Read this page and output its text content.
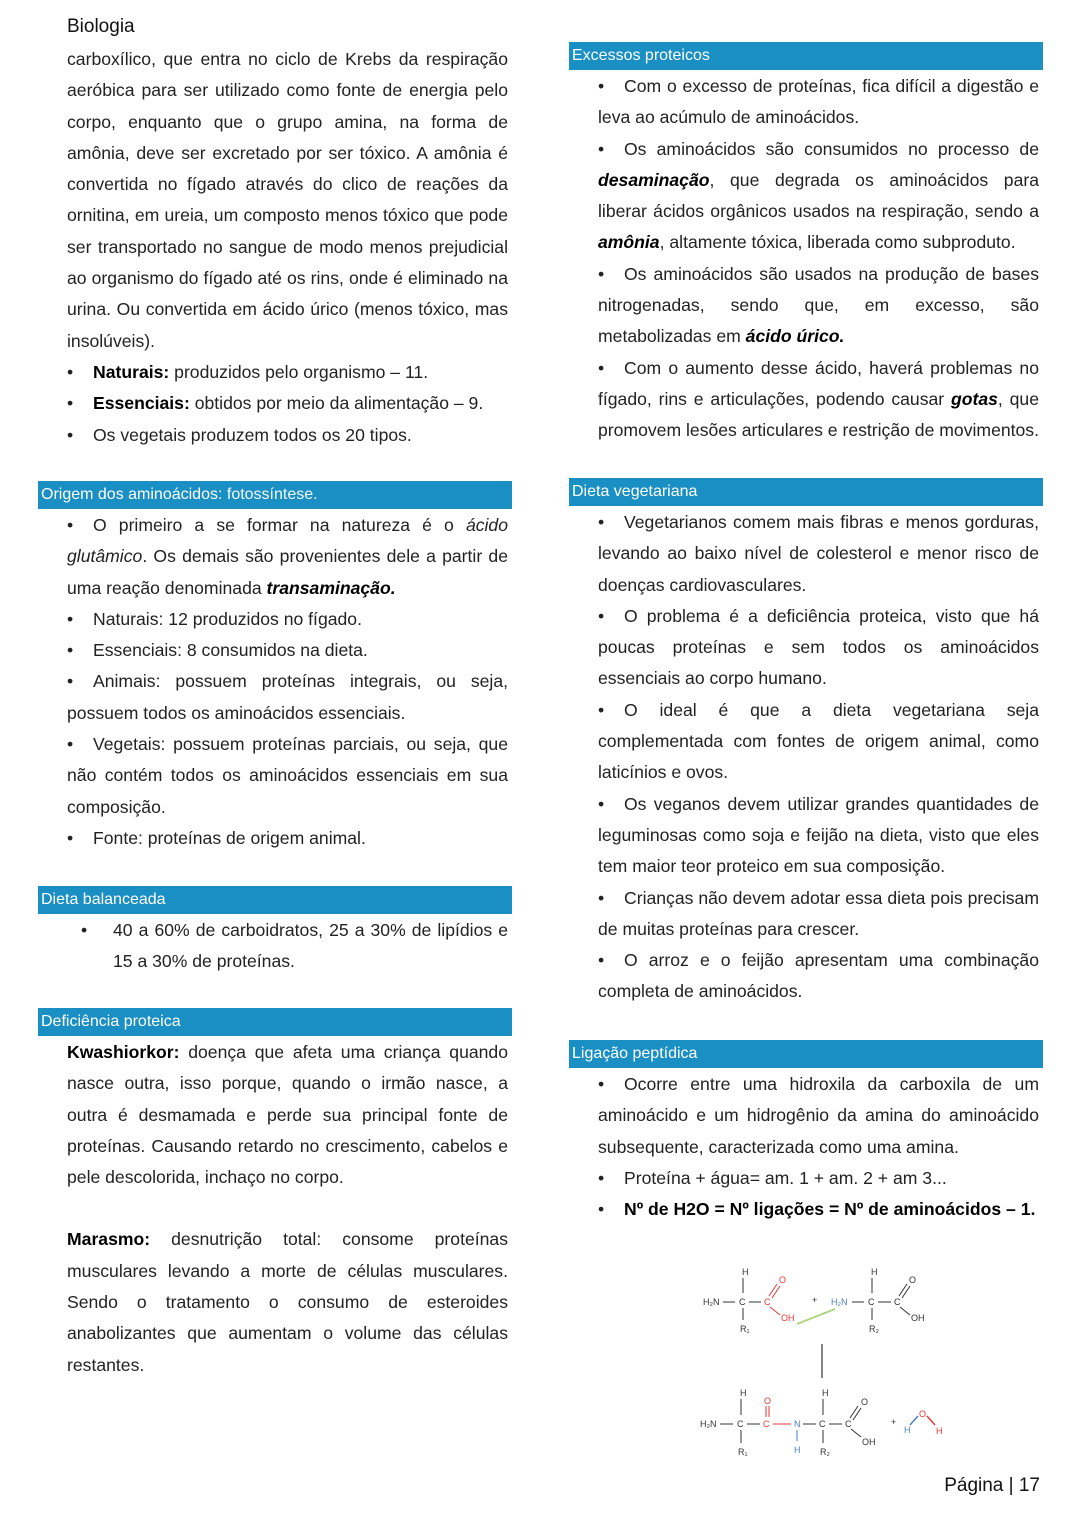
Biologia

carboxílico, que entra no ciclo de Krebs da respiração aeróbica para ser utilizado como fonte de energia pelo corpo, enquanto que o grupo amina, na forma de amônia, deve ser excretado por ser tóxico. A amônia é convertida no fígado através do clico de reações da ornitina, em ureia, um composto menos tóxico que pode ser transportado no sangue de modo menos prejudicial ao organismo do fígado até os rins, onde é eliminado na urina. Ou convertida em ácido úrico (menos tóxico, mas insolúveis).

• Naturais: produzidos pelo organismo – 11.
• Essenciais: obtidos por meio da alimentação – 9.
• Os vegetais produzem todos os 20 tipos.
Origem dos aminoácidos: fotossíntese.

• O primeiro a se formar na natureza é o ácido glutâmico. Os demais são provenientes dele a partir de uma reação denominada transaminação.

• Naturais: 12 produzidos no fígado.

• Essenciais: 8 consumidos na dieta.

• Animais: possuem proteínas integrais, ou seja, possuem todos os aminoácidos essenciais.

• Vegetais: possuem proteínas parciais, ou seja, que não contém todos os aminoácidos essenciais em sua composição.

• Fonte: proteínas de origem animal.

Dieta balanceada
• 40 a 60% de carboidratos, 25 a 30% de lipídios e 15 a 30% de proteínas.
Deficiência proteica

Kwashiorkor: doença que afeta uma criança quando nasce outra, isso porque, quando o irmão nasce, a outra é desmamada e perde sua principal fonte de proteínas. Causando retardo no crescimento, cabelos e pele descolorida, inchaço no corpo.

Marasmo: desnutrição total: consome proteínas musculares levando a morte de células musculares. Sendo o tratamento o consumo de esteroides anabolizantes que aumentam o volume das células restantes.

Excessos proteicos

• Com o excesso de proteínas, fica difícil a digestão e leva ao acúmulo de aminoácidos.

• Os aminoácidos são consumidos no processo de desaminação, que degrada os aminoácidos para liberar ácidos orgânicos usados na respiração, sendo a amônia, altamente tóxica, liberada como subproduto.

• Os aminoácidos são usados na produção de bases nitrogenadas, sendo que, em excesso, são metabolizadas em ácido úrico.

• Com o aumento desse ácido, haverá problemas no fígado, rins e articulações, podendo causar gotas, que promovem lesões articulares e restrição de movimentos.

Dieta vegetariana

• Vegetarianos comem mais fibras e menos gorduras, levando ao baixo nível de colesterol e menor risco de doenças cardiovasculares.

• O problema é a deficiência proteica, visto que há poucas proteínas e sem todos os aminoácidos essenciais ao corpo humano.

• O ideal é que a dieta vegetariana seja complementada com fontes de origem animal, como laticínios e ovos.

• Os veganos devem utilizar grandes quantidades de leguminosas como soja e feijão na dieta, visto que eles tem maior teor proteico em sua composição.

• Crianças não devem adotar essa dieta pois precisam de muitas proteínas para crescer.

• O arroz e o feijão apresentam uma combinação completa de aminoácidos.

Ligação peptídica

• Ocorre entre uma hidroxila da carboxila de um aminoácido e um hidrogênio da amina do aminoácido subsequente, caracterizada como uma amina.

• Proteína + água= am. 1 + am. 2 + am 3...
• Nº de H2O = Nº ligações = Nº de aminoácidos – 1.
H₂N C
H
R₁
C
O
OH
+ H₂N C
H
R₂
C
O
OH
H₂N C
H
R₁
C
O
N
H
C
H
R₂
C
O
OH
+
H
O
H
Página | 17
